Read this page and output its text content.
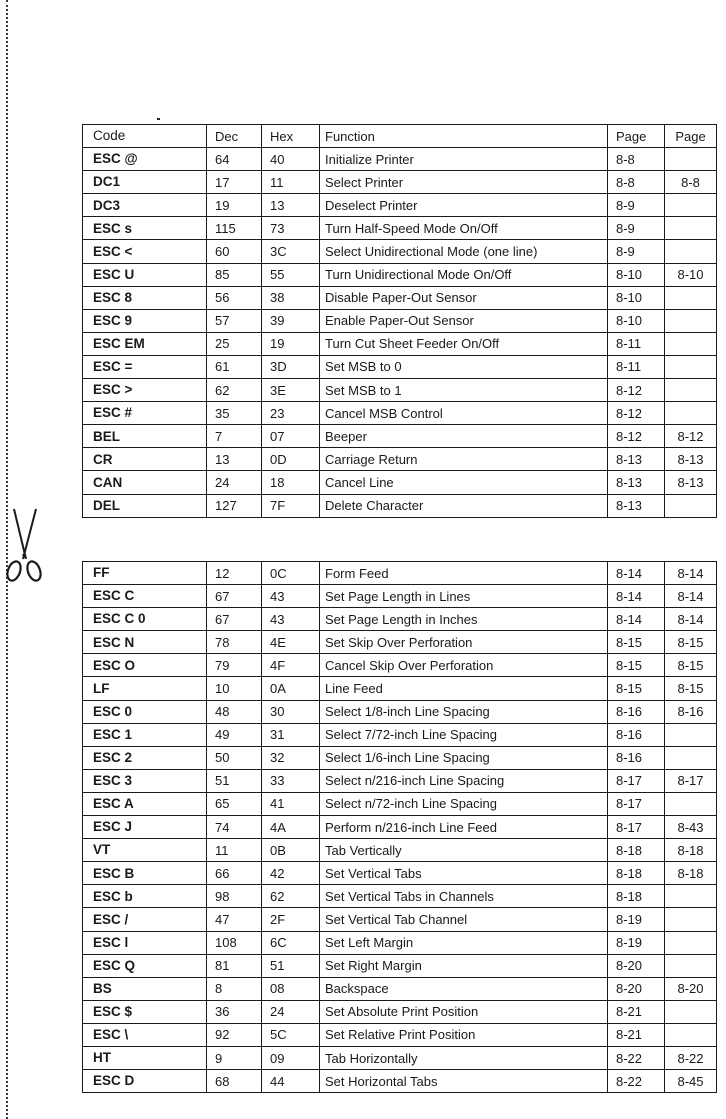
Code	Dec	Hex	Function	Page	Page
ESC @	64	40	Initialize Printer	8-8	
DC1	17	11	Select Printer	8-8	8-8
DC3	19	13	Deselect Printer	8-9	
ESC s	115	73	Turn Half-Speed Mode On/Off	8-9	
ESC <	60	3C	Select Unidirectional Mode (one line)	8-9	
ESC U	85	55	Turn Unidirectional Mode On/Off	8-10	8-10
ESC 8	56	38	Disable Paper-Out Sensor	8-10	
ESC 9	57	39	Enable Paper-Out Sensor	8-10	
ESC EM	25	19	Turn Cut Sheet Feeder On/Off	8-11	
ESC =	61	3D	Set MSB to 0	8-11	
ESC >	62	3E	Set MSB to 1	8-12	
ESC #	35	23	Cancel MSB Control	8-12	
BEL	7	07	Beeper	8-12	8-12
CR	13	0D	Carriage Return	8-13	8-13
CAN	24	18	Cancel Line	8-13	8-13
DEL	127	7F	Delete Character	8-13	
FF	12	0C	Form Feed	8-14	8-14
ESC C	67	43	Set Page Length in Lines	8-14	8-14
ESC C 0	67	43	Set Page Length in Inches	8-14	8-14
ESC N	78	4E	Set Skip Over Perforation	8-15	8-15
ESC O	79	4F	Cancel Skip Over Perforation	8-15	8-15
LF	10	0A	Line Feed	8-15	8-15
ESC 0	48	30	Select 1/8-inch Line Spacing	8-16	8-16
ESC 1	49	31	Select 7/72-inch Line Spacing	8-16	
ESC 2	50	32	Select 1/6-inch Line Spacing	8-16	
ESC 3	51	33	Select n/216-inch Line Spacing	8-17	8-17
ESC A	65	41	Select n/72-inch Line Spacing	8-17	
ESC J	74	4A	Perform n/216-inch Line Feed	8-17	8-43
VT	11	0B	Tab Vertically	8-18	8-18
ESC B	66	42	Set Vertical Tabs	8-18	8-18
ESC b	98	62	Set Vertical Tabs in Channels	8-18	
ESC /	47	2F	Set Vertical Tab Channel	8-19	
ESC l	108	6C	Set Left Margin	8-19	
ESC Q	81	51	Set Right Margin	8-20	
BS	8	08	Backspace	8-20	8-20
ESC $	36	24	Set Absolute Print Position	8-21	
ESC \	92	5C	Set Relative Print Position	8-21	
HT	9	09	Tab Horizontally	8-22	8-22
ESC D	68	44	Set Horizontal Tabs	8-22	8-45
